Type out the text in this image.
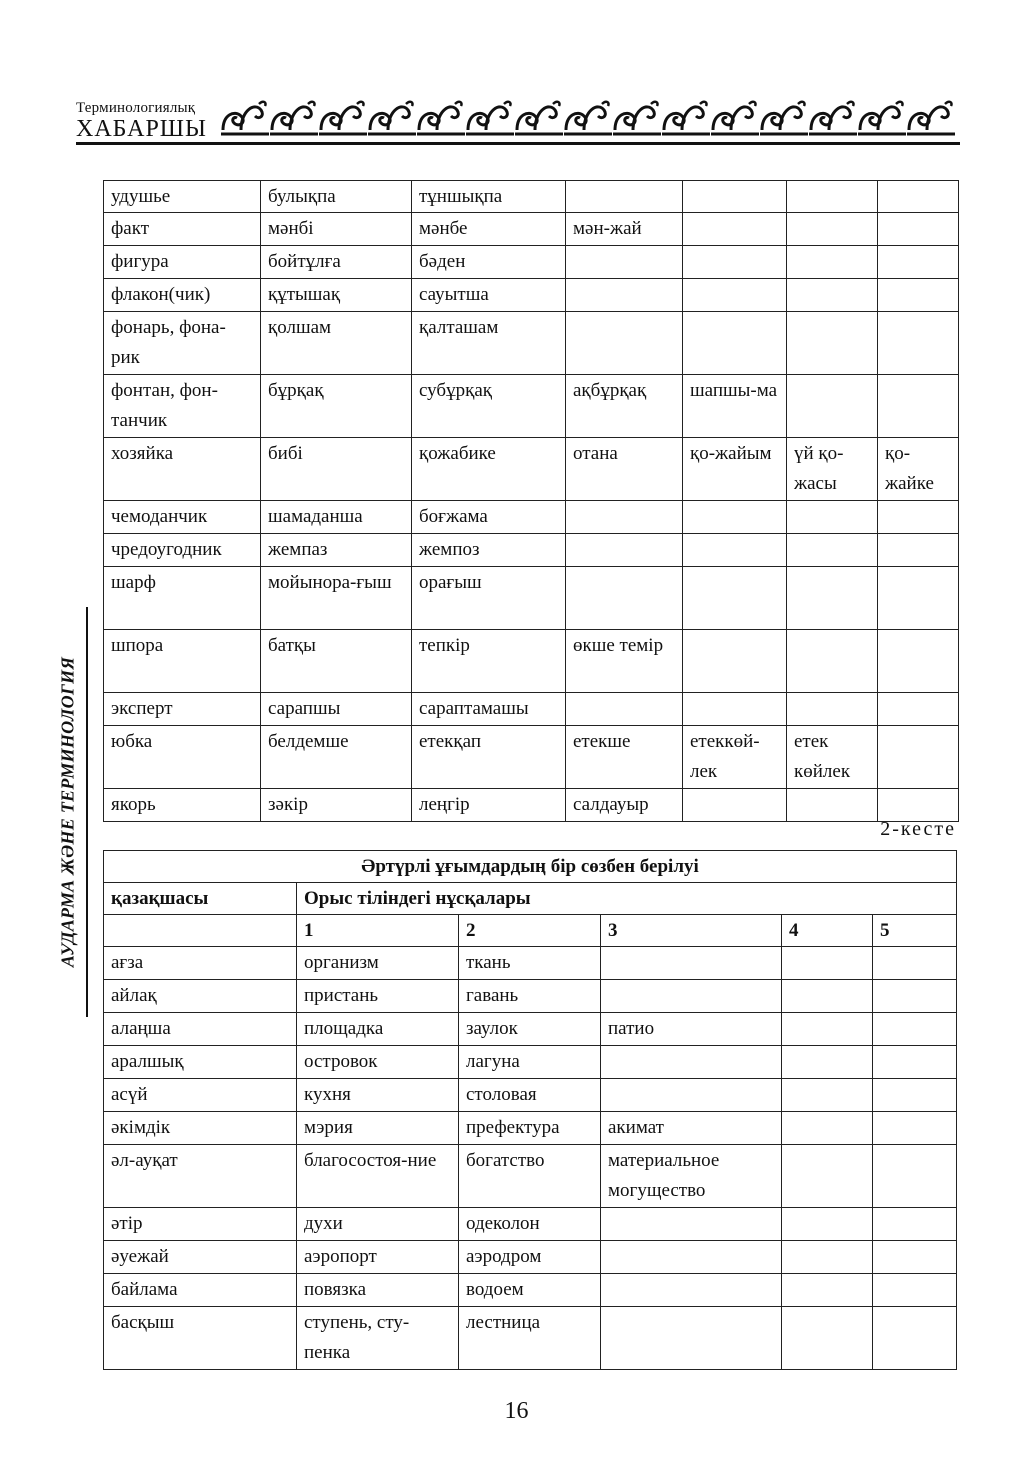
Терминологиялық
ХАБАРШЫ
АУДАРМА ЖӘНЕ ТЕРМИНОЛОГИЯ
удушье	булықпа	тұншықпа				
факт	мәнбі	мәнбе	мән-жай			
фигура	бойтұлға	бәден				
флакон(чик)	құтышақ	сауытша				
фонарь, фона-рик	қолшам	қалташам				
фонтан, фон-танчик	бұрқақ	субұрқақ	ақбұрқақ	шапшы-ма		
хозяйка	бибі	қожабике	отана	қо-жайым	үй қо-жасы	қо-жайке
чемоданчик	шамаданша	боғжама				
чредоугодник	жемпаз	жемпоз				
шарф	мойынора-ғыш	орағыш				
шпора	батқы	тепкір	өкше темір			
эксперт	сарапшы	сараптамашы				
юбка	белдемше	етекқап	етекше	етеккөй-лек	етек көйлек	
якорь	зәкір	леңгір	салдауыр			
2-кесте
Әртүрлі ұғымдардың бір сөзбен берілуі					
қазақшасы	Орыс тіліндегі нұсқалары				
	1	2	3	4	5
ағза	организм	ткань			
айлақ	пристань	гавань			
алаңша	площадка	заулок	патио		
аралшық	островок	лагуна			
асүй	кухня	столовая			
әкімдік	мэрия	префектура	акимат		
әл-ауқат	благосостоя-ние	богатство	материальное могущество		
әтір	духи	одеколон			
әуежай	аэропорт	аэродром			
байлама	повязка	водоем			
басқыш	ступень, сту-пенка	лестница			
16
